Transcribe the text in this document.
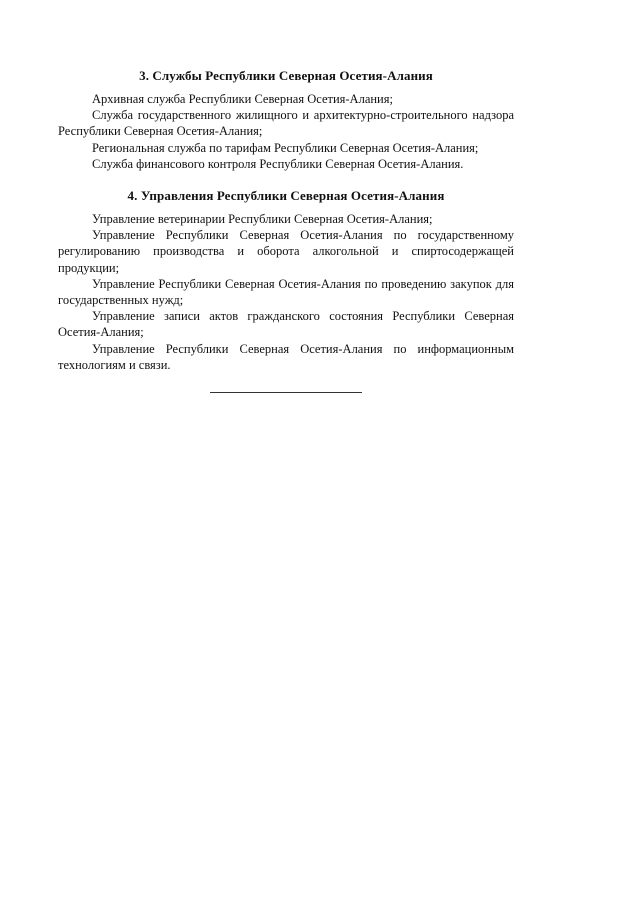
3. Службы Республики Северная Осетия-Алания

Архивная служба Республики Северная Осетия-Алания;

Служба государственного жилищного и архитектурно-строительного надзора Республики Северная Осетия-Алания;

Региональная служба по тарифам Республики Северная Осетия-Алания;

Служба финансового контроля Республики Северная Осетия-Алания.

4. Управления Республики Северная Осетия-Алания

Управление ветеринарии Республики Северная Осетия-Алания;

Управление Республики Северная Осетия-Алания по государственному регулированию производства и оборота алкогольной и спиртосодержащей продукции;

Управление Республики Северная Осетия-Алания по проведению закупок для государственных нужд;

Управление записи актов гражданского состояния Республики Северная Осетия-Алания;

Управление Республики Северная Осетия-Алания по информационным технологиям и связи.
